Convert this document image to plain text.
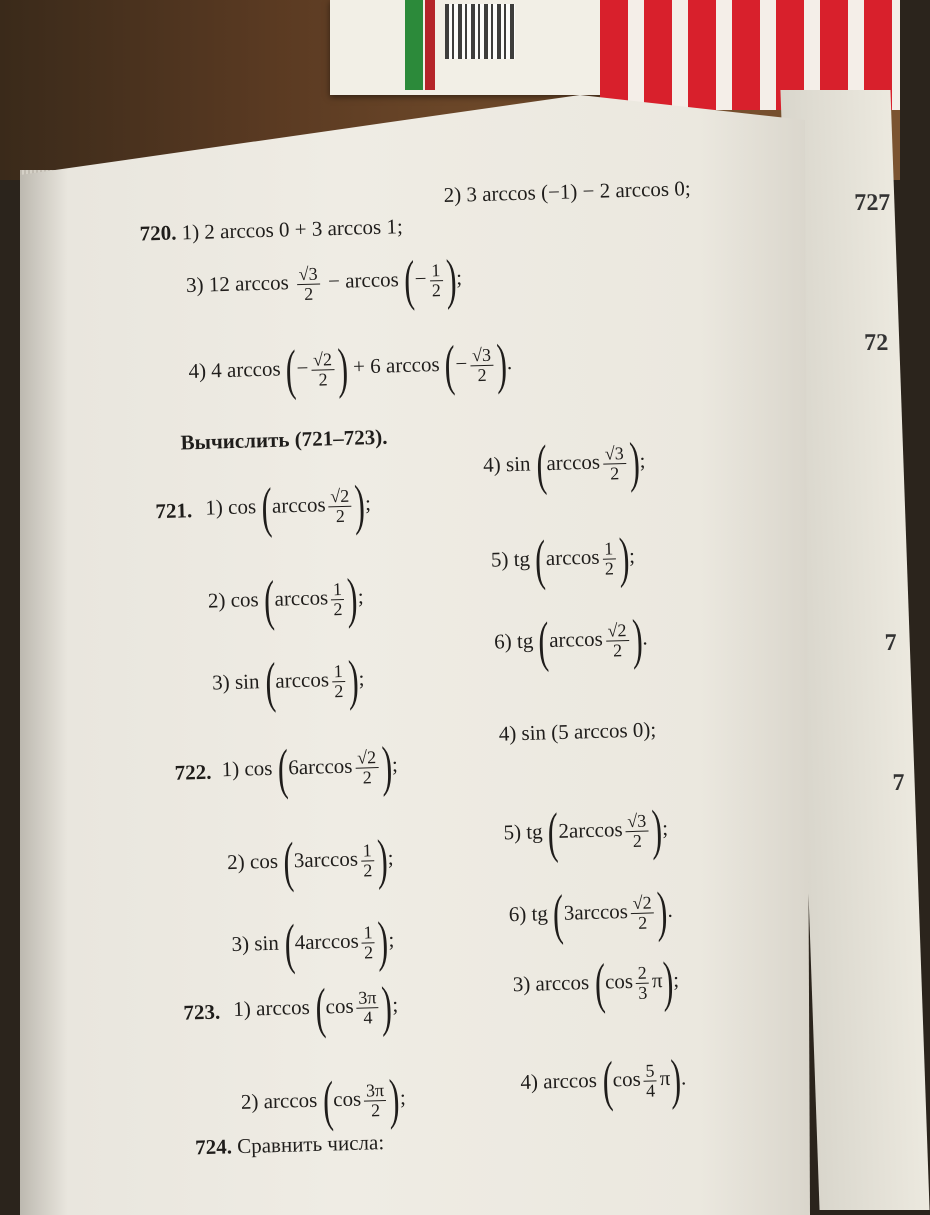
727
72
7
7
720. 1) 2 arccos 0 + 3 arccos 1;
2) 3 arccos (−1) − 2 arccos 0;
3) 12 $\arccos \frac{√3}{2} - \arccos$ (− $\frac{1}{2}$ );
4) 4 arccos (− $\frac{√2}{2}$ ) + 6 arccos (− $\frac{√3}{2}$ ).
Вычислить (721–723).
721. 1) $\cos (\arccos \frac{√2}{2}$ );
2) $\cos (\arccos \frac{1}{2}$ );
3) $\sin (\arccos \frac{1}{2}$ );
4) $\sin (\arccos \frac{√3}{2}$ );
5) tg ($\arccos \frac{1}{2}$ );
6) tg ($\arccos \frac{√2}{2}$ ).
722. 1) $\cos (6\arccos \frac{√2}{2}$ );
2) $\cos (3\arccos \frac{1}{2}$ );
3) $\sin (4\arccos \frac{1}{2}$ );
4) sin (5 arccos 0);
5) tg ($2\arccos \frac{√3}{2}$ );
6) tg ($3\arccos \frac{√2}{2}$ ).
723. 1) $\arccos (\cos \frac{3\pi}{4}$ );
2) $\arccos (\cos \frac{3\pi}{2}$ );
3) $\arccos (\cos \frac{2}{3} \pi)$;
4) $\arccos (\cos \frac{5}{4} \pi)$.
724. Сравнить числа:
